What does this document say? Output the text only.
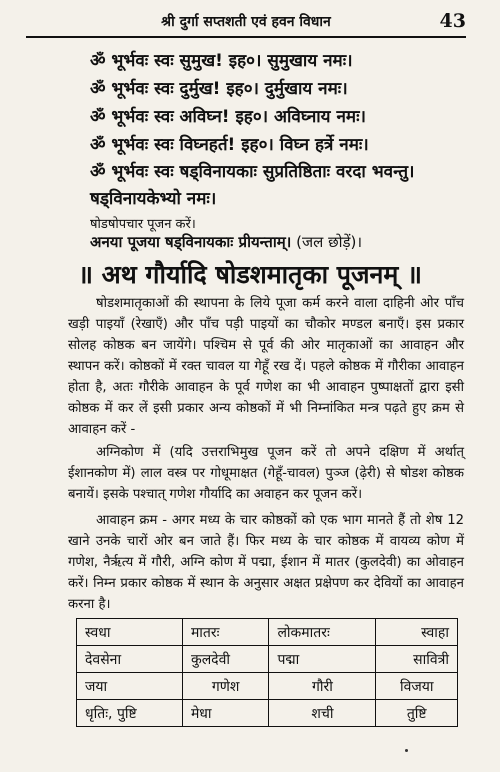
श्री दुर्गा सप्तशती एवं हवन विधान	43
ॐ भूर्भवः स्वः सुमुख! इह०। सुमुखाय नमः।
ॐ भूर्भवः स्वः दुर्मुख! इह०। दुर्मुखाय नमः।
ॐ भूर्भवः स्वः अविघ्न! इह०। अविघ्नाय नमः।
ॐ भूर्भवः स्वः विघ्नहर्त! इह०। विघ्न हर्त्रे नमः।
ॐ भूर्भवः स्वः षड्विनायकाः सुप्रतिष्ठिताः वरदा भवन्तु।
षड्विनायकेभ्यो नमः।
षोडषोपचार पूजन करें।
अनया पूजया षड्विनायकाः प्रीयन्ताम्। (जल छोड़ें)।
॥ अथ गौर्यादि षोडशमातृका पूजनम् ॥
षोडशमातृकाओं की स्थापना के लिये पूजा कर्म करने वाला दाहिनी ओर पाँच खड़ी पाइयाँ (रेखाएँ) और पाँच पड़ी पाइयों का चौकोर मण्डल बनाएँ। इस प्रकार सोलह कोष्ठक बन जायेंगे। पश्चिम से पूर्व की ओर मातृकाओं का आवाहन और स्थापन करें। कोष्ठकों में रक्त चावल या गेहूँ रख दें। पहले कोष्ठक में गौरीका आवाहन होता है, अतः गौरीके आवाहन के पूर्व गणेश का भी आवाहन पुष्पाक्षतों द्वारा इसी कोष्ठक में कर लें इसी प्रकार अन्य कोष्ठकों में भी निम्नांकित मन्त्र पढ़ते हुए क्रम से आवाहन करें -
अग्निकोण में (यदि उत्तराभिमुख पूजन करें तो अपने दक्षिण में अर्थात् ईशानकोण में) लाल वस्त्र पर गोधूमाक्षत (गेहूँ-चावल) पुञ्ज (ढ़ेरी) से षोडश कोष्ठक बनायें। इसके पश्चात् गणेश गौर्यादि का अवाहन कर पूजन करें।
आवाहन क्रम - अगर मध्य के चार कोष्ठकों को एक भाग मानते हैं तो शेष 12 खाने उनके चारों ओर बन जाते हैं। फिर मध्य के चार कोष्ठक में वायव्य कोण में गणेश, नैर्ऋत्य में गौरी, अग्नि कोण में पद्मा, ईशान में मातर (कुलदेवी) का ओवाहन करें। निम्न प्रकार कोष्ठक में स्थान के अनुसार अक्षत प्रक्षेपण कर देवियों का आवाहन करना है।
स्वधा	मातरः	लोकमातरः	स्वाहा
देवसेना	कुलदेवी	पद्मा	सावित्री
जया	गणेश	गौरी	विजया
धृतिः, पुष्टि	मेधा	शची	तुष्टि
